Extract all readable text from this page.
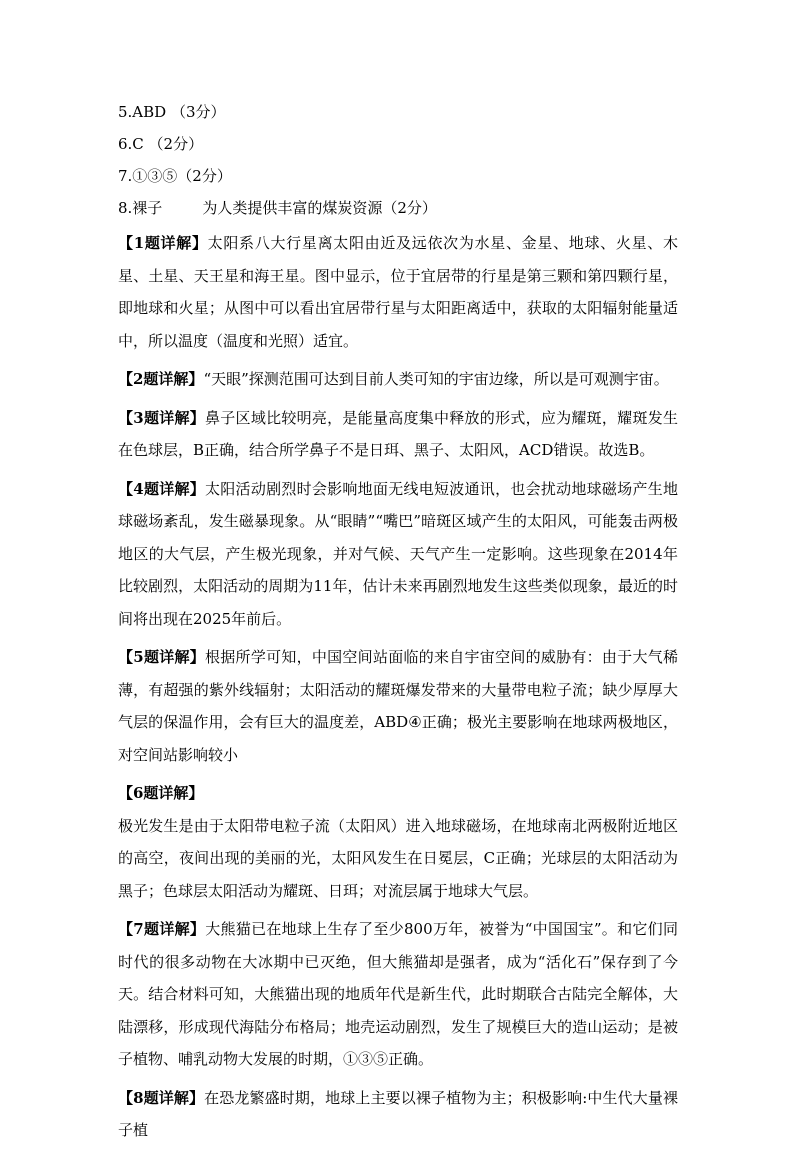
5.ABD （3分）
6.C （2分）
7.①③⑤（2分）
8.裸子	为人类提供丰富的煤炭资源（2分）

【1题详解】太阳系八大行星离太阳由近及远依次为水星、金星、地球、火星、木星、土星、天王星和海王星。图中显示，位于宜居带的行星是第三颗和第四颗行星，即地球和火星；从图中可以看出宜居带行星与太阳距离适中，获取的太阳辐射能量适中，所以温度（温度和光照）适宜。

【2题详解】“天眼”探测范围可达到目前人类可知的宇宙边缘，所以是可观测宇宙。

【3题详解】鼻子区域比较明亮，是能量高度集中释放的形式，应为耀斑，耀斑发生在色球层，B正确，结合所学鼻子不是日珥、黑子、太阳风，ACD错误。故选B。

【4题详解】太阳活动剧烈时会影响地面无线电短波通讯，也会扰动地球磁场产生地球磁场紊乱，发生磁暴现象。从“眼睛”“嘴巴”暗斑区域产生的太阳风，可能轰击两极地区的大气层，产生极光现象，并对气候、天气产生一定影响。这些现象在2014年比较剧烈，太阳活动的周期为11年，估计未来再剧烈地发生这些类似现象，最近的时间将出现在2025年前后。

【5题详解】根据所学可知，中国空间站面临的来自宇宙空间的威胁有：由于大气稀薄，有超强的紫外线辐射；太阳活动的耀斑爆发带来的大量带电粒子流；缺少厚厚大气层的保温作用，会有巨大的温度差，ABD④正确；极光主要影响在地球两极地区，对空间站影响较小

【6题详解】
极光发生是由于太阳带电粒子流（太阳风）进入地球磁场，在地球南北两极附近地区的高空，夜间出现的美丽的光，太阳风发生在日冕层，C正确；光球层的太阳活动为黑子；色球层太阳活动为耀斑、日珥；对流层属于地球大气层。

【7题详解】大熊猫已在地球上生存了至少800万年，被誉为“中国国宝”。和它们同时代的很多动物在大冰期中已灭绝，但大熊猫却是强者，成为“活化石”保存到了今天。结合材料可知，大熊猫出现的地质年代是新生代，此时期联合古陆完全解体，大陆漂移，形成现代海陆分布格局；地壳运动剧烈，发生了规模巨大的造山运动；是被子植物、哺乳动物大发展的时期，①③⑤正确。

【8题详解】在恐龙繁盛时期，地球上主要以裸子植物为主；积极影响:中生代大量裸子植
